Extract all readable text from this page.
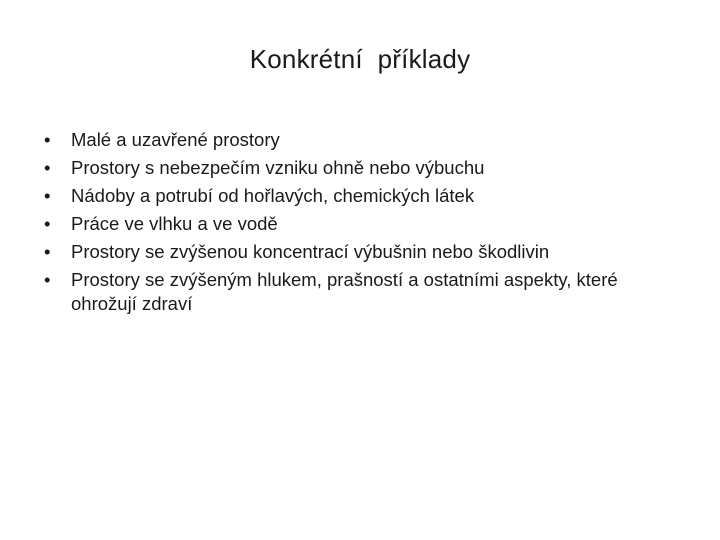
Konkrétní  příklady
• Malé a uzavřené prostory
• Prostory s nebezpečím vzniku ohně nebo výbuchu
• Nádoby a potrubí od hořlavých, chemických látek
• Práce ve vlhku a ve vodě
• Prostory se zvýšenou koncentrací výbušnin nebo škodlivin
• Prostory se zvýšeným hlukem, prašností a ostatními aspekty, které ohrožují zdraví
